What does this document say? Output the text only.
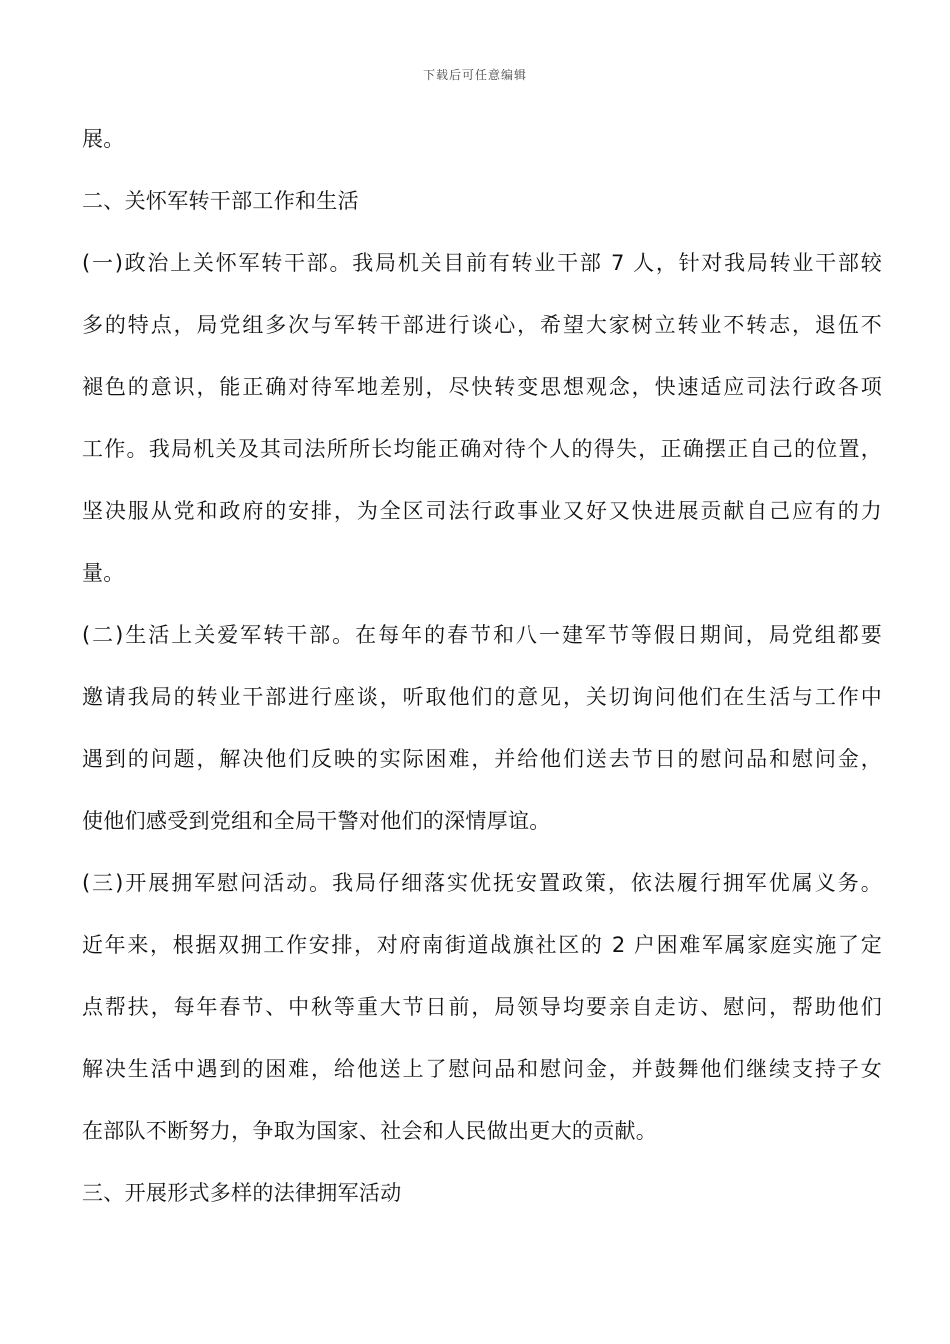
下载后可任意编辑
展。
二、关怀军转干部工作和生活
(一)政治上关怀军转干部。我局机关目前有转业干部 7 人，针对我局转业干部较
多的特点，局党组多次与军转干部进行谈心，希望大家树立转业不转志，退伍不
褪色的意识，能正确对待军地差别，尽快转变思想观念，快速适应司法行政各项
工作。我局机关及其司法所所长均能正确对待个人的得失，正确摆正自己的位置，
坚决服从党和政府的安排，为全区司法行政事业又好又快进展贡献自己应有的力
量。
(二)生活上关爱军转干部。在每年的春节和八一建军节等假日期间，局党组都要
邀请我局的转业干部进行座谈，听取他们的意见，关切询问他们在生活与工作中
遇到的问题，解决他们反映的实际困难，并给他们送去节日的慰问品和慰问金，
使他们感受到党组和全局干警对他们的深情厚谊。
(三)开展拥军慰问活动。我局仔细落实优抚安置政策，依法履行拥军优属义务。
近年来，根据双拥工作安排，对府南街道战旗社区的 2 户困难军属家庭实施了定
点帮扶，每年春节、中秋等重大节日前，局领导均要亲自走访、慰问，帮助他们
解决生活中遇到的困难，给他送上了慰问品和慰问金，并鼓舞他们继续支持子女
在部队不断努力，争取为国家、社会和人民做出更大的贡献。
三、开展形式多样的法律拥军活动
